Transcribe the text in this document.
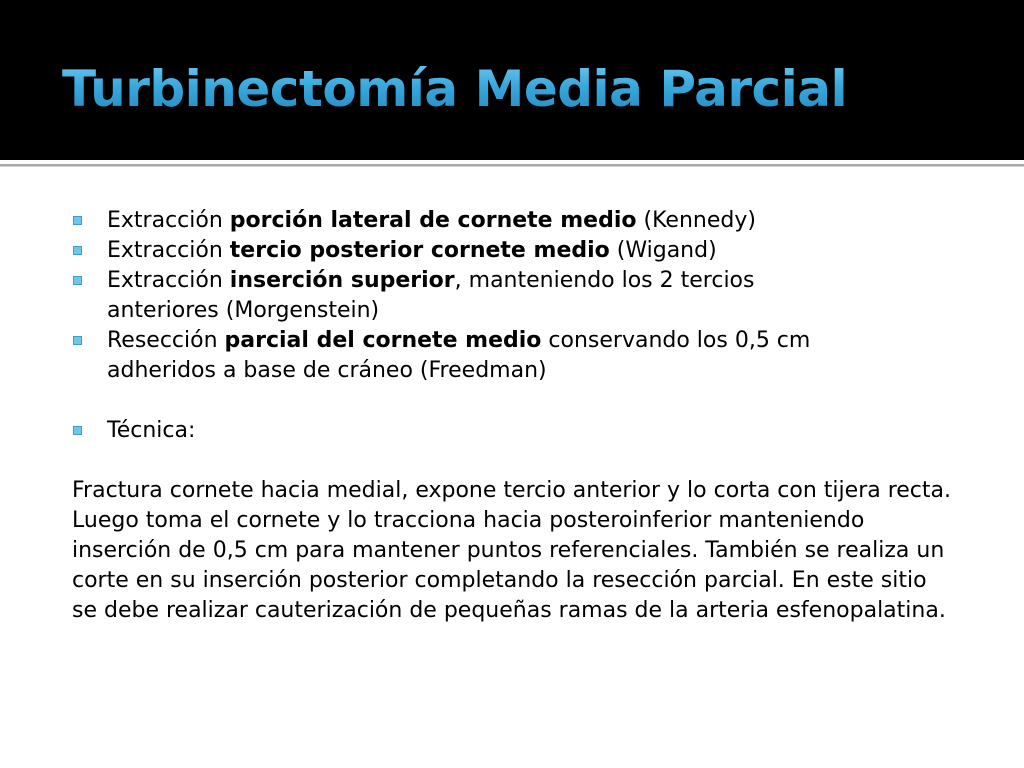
Turbinectomía Media Parcial
Extracción porción lateral de cornete medio (Kennedy)
Extracción tercio posterior cornete medio (Wigand)
Extracción inserción superior, manteniendo los 2 tercios anteriores (Morgenstein)
Resección parcial del cornete medio conservando los 0,5 cm adheridos a base de cráneo (Freedman)
Técnica:

Fractura cornete hacia medial, expone tercio anterior y lo corta con tijera recta. Luego toma el cornete y lo tracciona hacia posteroinferior manteniendo inserción de 0,5 cm para mantener puntos referenciales. También se realiza un corte en su inserción posterior completando la resección parcial. En este sitio se debe realizar cauterización de pequeñas ramas de la arteria esfenopalatina.
